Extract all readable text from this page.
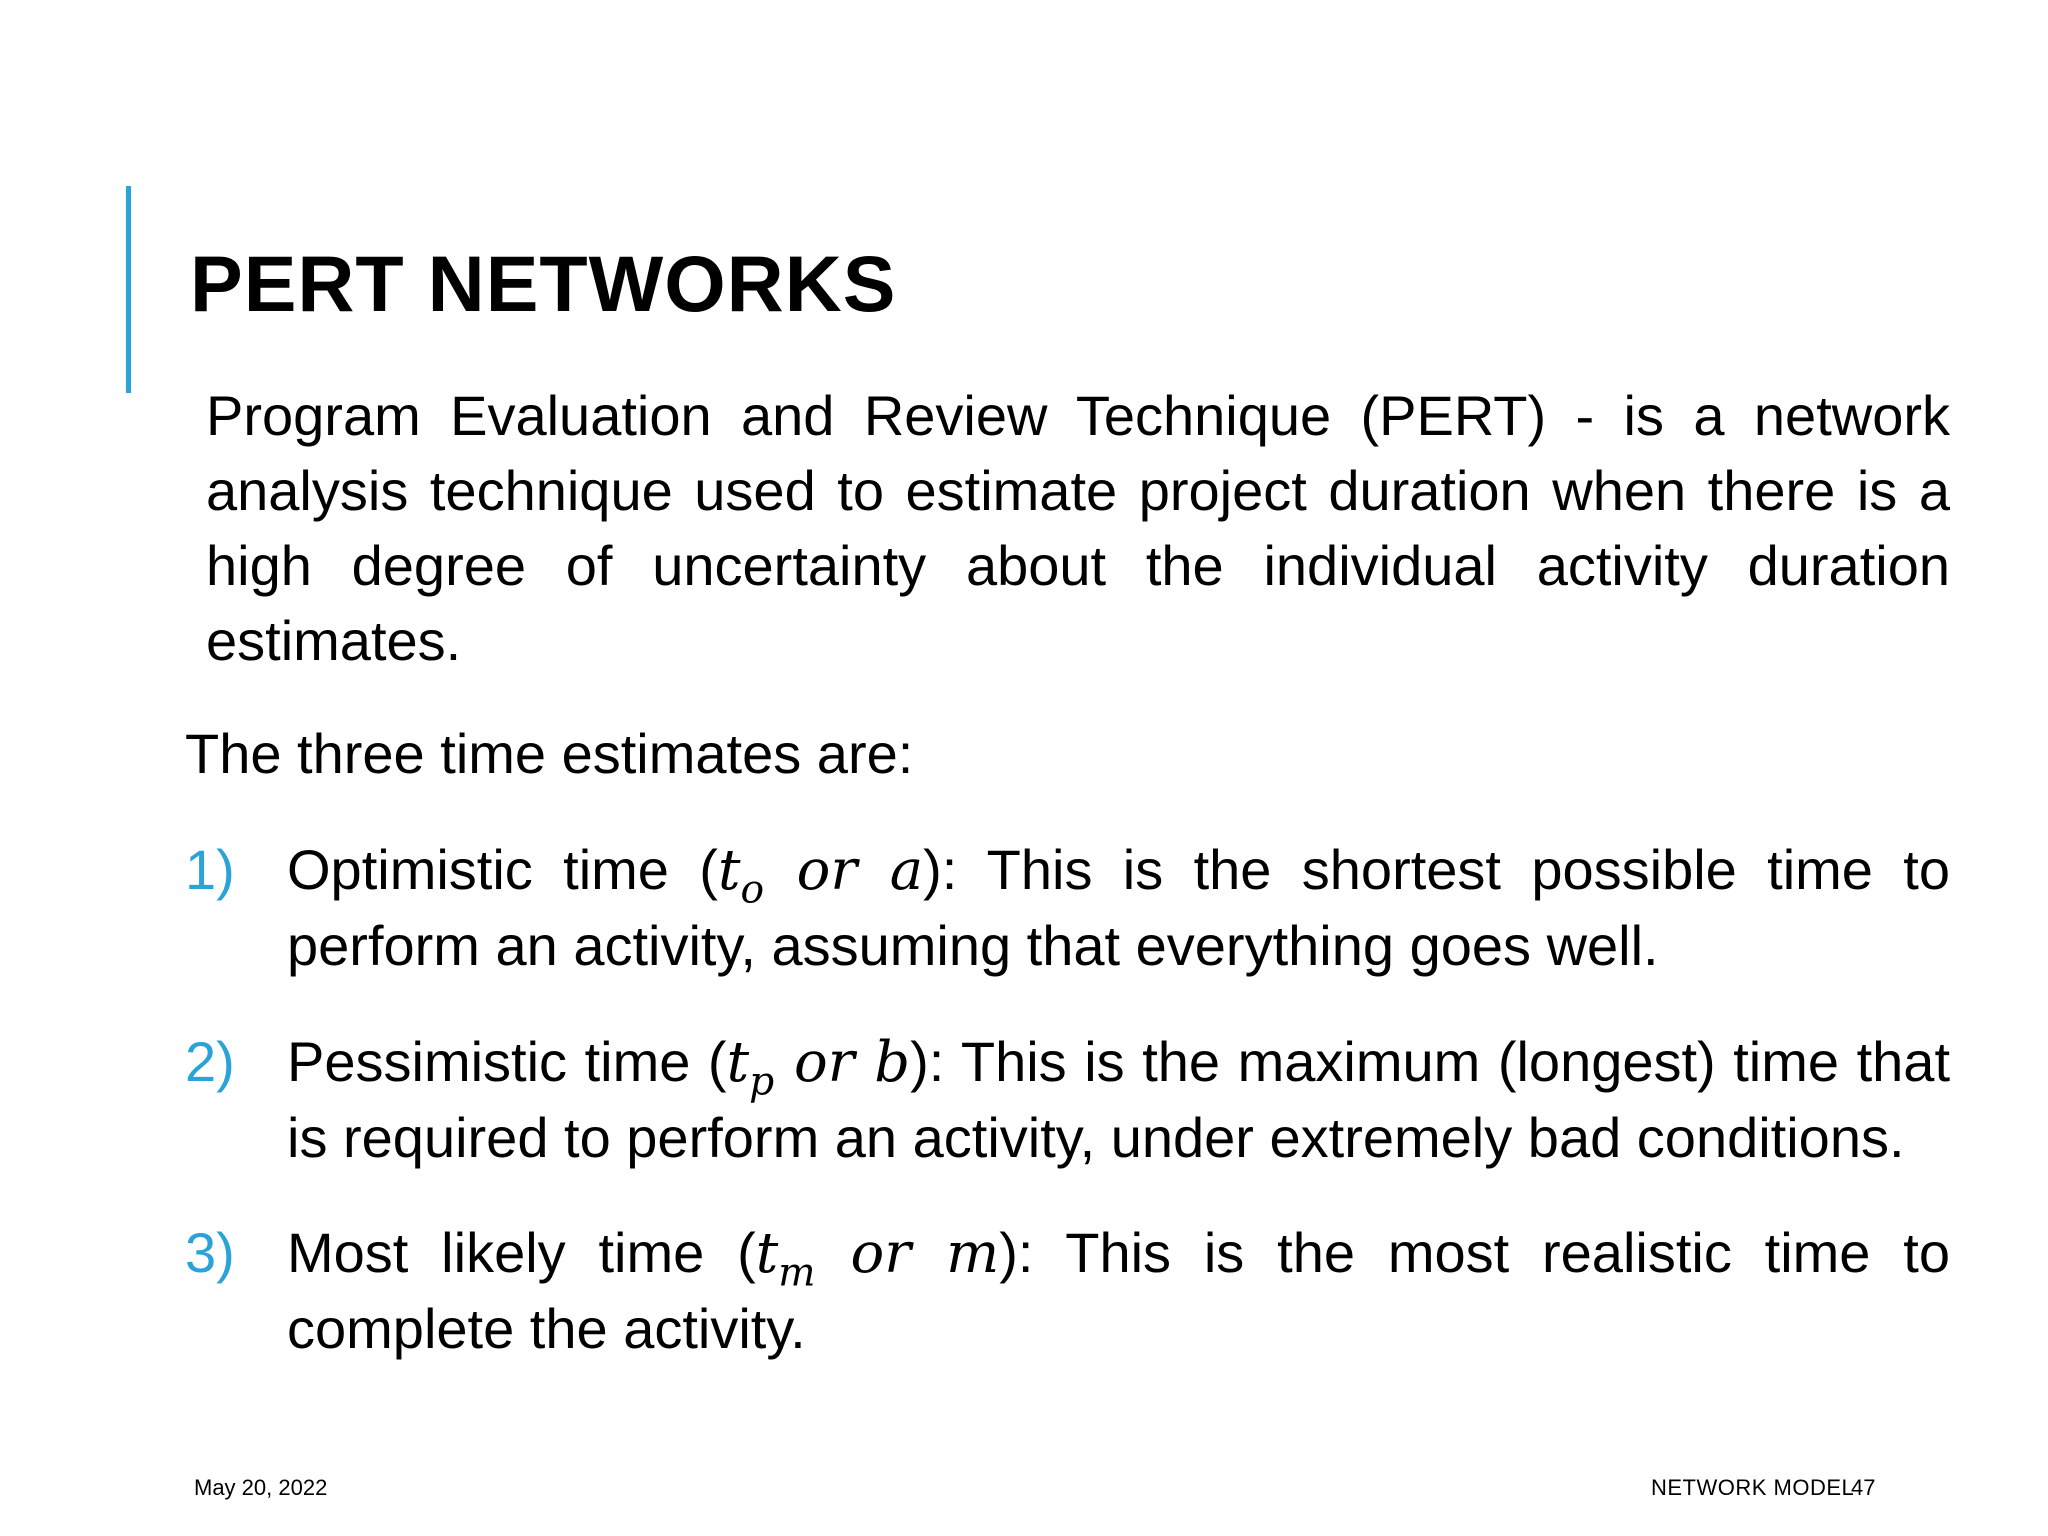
PERT NETWORKS

Program Evaluation and Review Technique (PERT) - is a network analysis technique used to estimate project duration when there is a high degree of uncertainty about the individual activity duration estimates.

The three time estimates are:

1) Optimistic time ($t_o$ or a): This is the shortest possible time to perform an activity, assuming that everything goes well.
2) Pessimistic time ($t_p$ or b): This is the maximum (longest) time that is required to perform an activity, under extremely bad conditions.
3) Most likely time ($t_m$ or m): This is the most realistic time to complete the activity.
May 20, 2022	NETWORK MODEL
47
